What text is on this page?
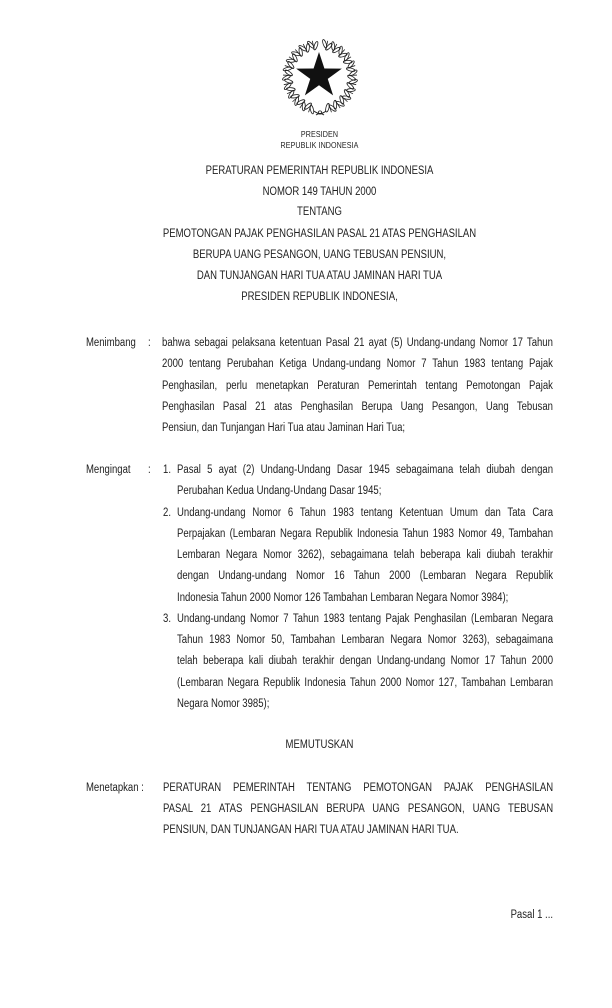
PRESIDEN
REPUBLIK INDONESIA
PERATURAN PEMERINTAH REPUBLIK INDONESIA
NOMOR 149 TAHUN 2000
TENTANG
PEMOTONGAN PAJAK PENGHASILAN PASAL 21 ATAS PENGHASILAN
BERUPA UANG PESANGON, UANG TEBUSAN PENSIUN,
DAN TUNJANGAN HARI TUA ATAU JAMINAN HARI TUA
PRESIDEN REPUBLIK INDONESIA,
Menimbang : bahwa sebagai pelaksana ketentuan Pasal 21 ayat (5) Undang-undang Nomor 17 Tahun
2000 tentang Perubahan Ketiga Undang-undang Nomor 7 Tahun 1983 tentang Pajak
Penghasilan, perlu menetapkan Peraturan Pemerintah tentang Pemotongan Pajak
Penghasilan Pasal 21 atas Penghasilan Berupa Uang Pesangon, Uang Tebusan
Pensiun, dan Tunjangan Hari Tua atau Jaminan Hari Tua;
Mengingat : 1. Pasal 5 ayat (2) Undang-Undang Dasar 1945 sebagaimana telah diubah dengan
Perubahan Kedua Undang-Undang Dasar 1945;
2. Undang-undang Nomor 6 Tahun 1983 tentang Ketentuan Umum dan Tata Cara
Perpajakan (Lembaran Negara Republik Indonesia Tahun 1983 Nomor 49, Tambahan
Lembaran Negara Nomor 3262), sebagaimana telah beberapa kali diubah terakhir
dengan Undang-undang Nomor 16 Tahun 2000 (Lembaran Negara Republik
Indonesia Tahun 2000 Nomor 126 Tambahan Lembaran Negara Nomor 3984);
3. Undang-undang Nomor 7 Tahun 1983 tentang Pajak Penghasilan (Lembaran Negara
Tahun 1983 Nomor 50, Tambahan Lembaran Negara Nomor 3263), sebagaimana
telah beberapa kali diubah terakhir dengan Undang-undang Nomor 17 Tahun 2000
(Lembaran Negara Republik Indonesia Tahun 2000 Nomor 127, Tambahan Lembaran
Negara Nomor 3985);
MEMUTUSKAN
Menetapkan : PERATURAN PEMERINTAH TENTANG PEMOTONGAN PAJAK PENGHASILAN
PASAL 21 ATAS PENGHASILAN BERUPA UANG PESANGON, UANG TEBUSAN
PENSIUN, DAN TUNJANGAN HARI TUA ATAU JAMINAN HARI TUA.
Pasal 1 ...
